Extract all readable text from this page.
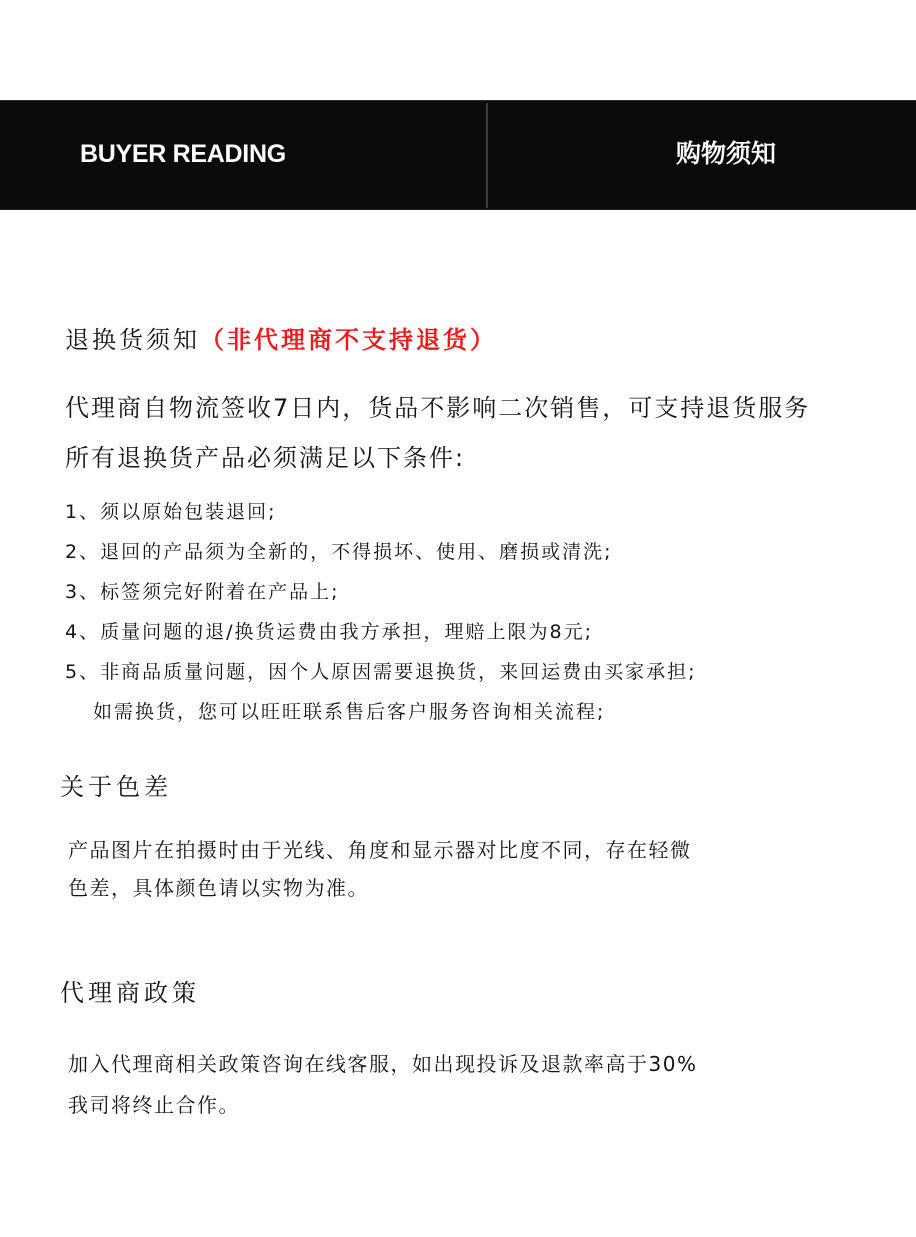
BUYER READING	购物须知
退换货须知（非代理商不支持退货）
代理商自物流签收7日内，货品不影响二次销售，可支持退货服务
所有退换货产品必须满足以下条件:
1、须以原始包装退回;
2、退回的产品须为全新的，不得损坏、使用、磨损或清洗;
3、标签须完好附着在产品上;
4、质量问题的退/换货运费由我方承担，理赔上限为8元;
5、非商品质量问题，因个人原因需要退换货，来回运费由买家承担;
如需换货，您可以旺旺联系售后客户服务咨询相关流程;
关于色差
产品图片在拍摄时由于光线、角度和显示器对比度不同，存在轻微
色差，具体颜色请以实物为准。
代理商政策
加入代理商相关政策咨询在线客服，如出现投诉及退款率高于30%
我司将终止合作。
